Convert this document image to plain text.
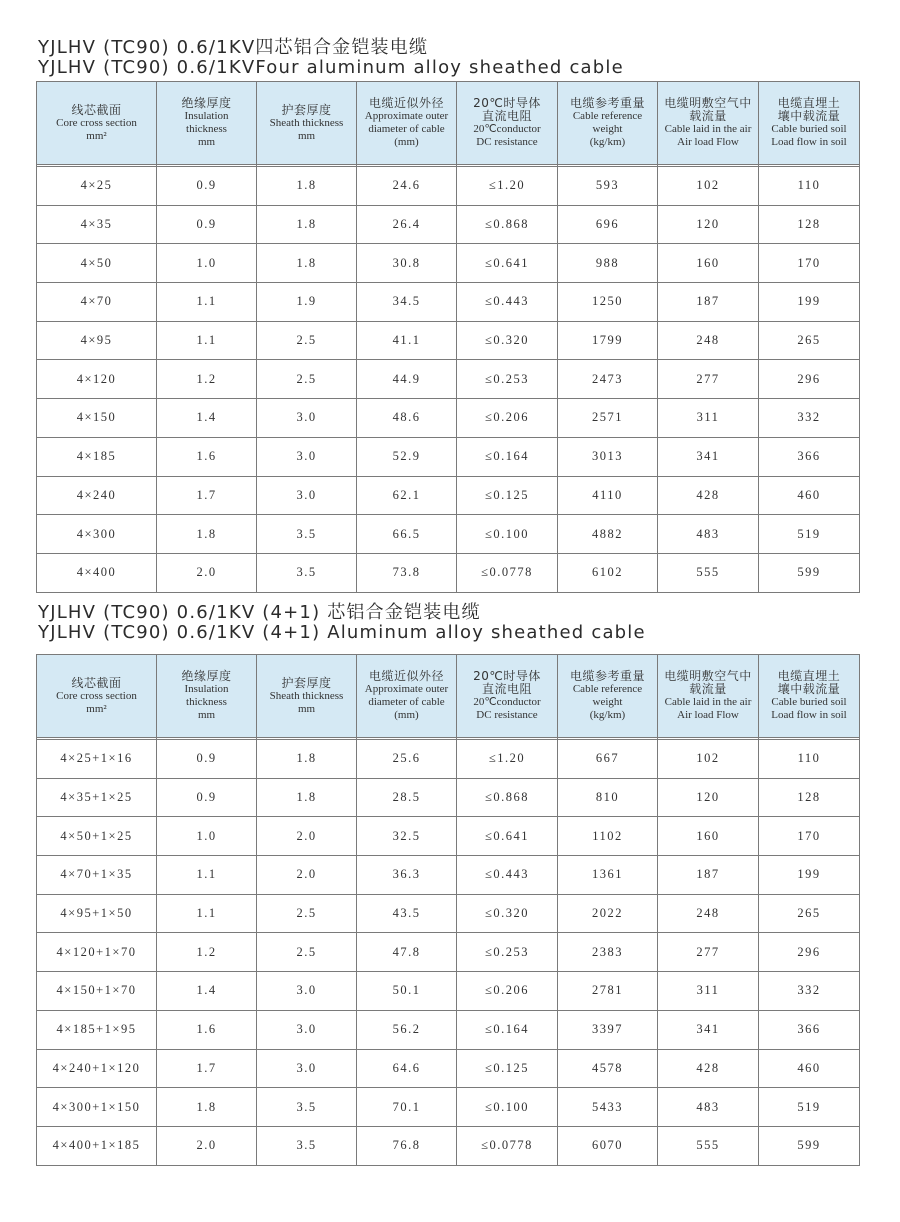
YJLHV (TC90) 0.6/1KV四芯铝合金铠装电缆
YJLHV (TC90) 0.6/1KVFour aluminum alloy sheathed cable
线芯截面
Core cross section
mm²	绝缘厚度
Insulation
thickness
mm	护套厚度
Sheath thickness
mm	电缆近似外径
Approximate outer
diameter of cable
(mm)	20℃时导体
直流电阻
20℃conductor
DC resistance	电缆参考重量
Cable reference
weight
(kg/km)	电缆明敷空气中
载流量
Cable laid in the air
Air load Flow	电缆直埋土
壤中载流量
Cable buried soil
Load flow in soil

4×25	0.9	1.8	24.6	≤1.20	593	102	110
4×35	0.9	1.8	26.4	≤0.868	696	120	128
4×50	1.0	1.8	30.8	≤0.641	988	160	170
4×70	1.1	1.9	34.5	≤0.443	1250	187	199
4×95	1.1	2.5	41.1	≤0.320	1799	248	265
4×120	1.2	2.5	44.9	≤0.253	2473	277	296
4×150	1.4	3.0	48.6	≤0.206	2571	311	332
4×185	1.6	3.0	52.9	≤0.164	3013	341	366
4×240	1.7	3.0	62.1	≤0.125	4110	428	460
4×300	1.8	3.5	66.5	≤0.100	4882	483	519
4×400	2.0	3.5	73.8	≤0.0778	6102	555	599
YJLHV (TC90) 0.6/1KV (4+1) 芯铝合金铠装电缆
YJLHV (TC90) 0.6/1KV (4+1) Aluminum alloy sheathed cable
线芯截面
Core cross section
mm²	绝缘厚度
Insulation
thickness
mm	护套厚度
Sheath thickness
mm	电缆近似外径
Approximate outer
diameter of cable
(mm)	20℃时导体
直流电阻
20℃conductor
DC resistance	电缆参考重量
Cable reference
weight
(kg/km)	电缆明敷空气中
载流量
Cable laid in the air
Air load Flow	电缆直埋土
壤中载流量
Cable buried soil
Load flow in soil

4×25+1×16	0.9	1.8	25.6	≤1.20	667	102	110
4×35+1×25	0.9	1.8	28.5	≤0.868	810	120	128
4×50+1×25	1.0	2.0	32.5	≤0.641	1102	160	170
4×70+1×35	1.1	2.0	36.3	≤0.443	1361	187	199
4×95+1×50	1.1	2.5	43.5	≤0.320	2022	248	265
4×120+1×70	1.2	2.5	47.8	≤0.253	2383	277	296
4×150+1×70	1.4	3.0	50.1	≤0.206	2781	311	332
4×185+1×95	1.6	3.0	56.2	≤0.164	3397	341	366
4×240+1×120	1.7	3.0	64.6	≤0.125	4578	428	460
4×300+1×150	1.8	3.5	70.1	≤0.100	5433	483	519
4×400+1×185	2.0	3.5	76.8	≤0.0778	6070	555	599
